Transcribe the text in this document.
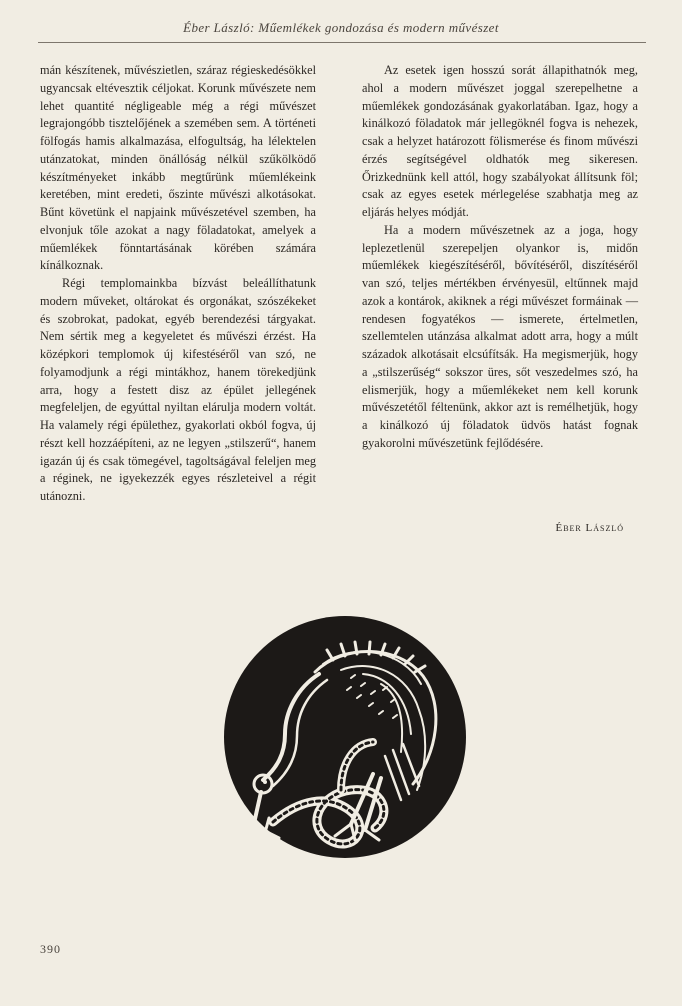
Éber László: Műemlékek gondozása és modern művészet

mán készítenek, művészietlen, száraz régieskedésökkel ugyancsak eltévesztik céljokat. Korunk művészete nem lehet quantité négligeable még a régi művészet legrajongóbb tisztelőjének a szemében sem. A történeti fölfogás hamis alkalmazása, elfogultság, ha lélektelen utánzatokat, minden önállóság nélkül szűkölködő készítményeket inkább megtűrünk műemlékeink keretében, mint eredeti, őszinte művészi alkotásokat. Bűnt követünk el napjaink művészetével szemben, ha elvonjuk tőle azokat a nagy föladatokat, amelyek a műemlékek fönntartásának körében számára kínálkoznak.

Régi templomainkba bízvást beleállíthatunk modern műveket, oltárokat és orgonákat, szószékeket és szobrokat, padokat, egyéb berendezési tárgyakat. Nem sértik meg a kegyeletet és művészi érzést. Ha középkori templomok új kifestéséről van szó, ne folyamodjunk a régi mintákhoz, hanem törekedjünk arra, hogy a festett disz az épület jellegének megfeleljen, de egyúttal nyiltan elárulja modern voltát. Ha valamely régi épülethez, gyakorlati okból fogva, új részt kell hozzáépíteni, az ne legyen „stilszerű“, hanem igazán új és csak tömegével, tagoltságával feleljen meg a réginek, ne igyekezzék egyes részleteivel a régit utánozni.

Az esetek igen hosszú sorát állapithatnók meg, ahol a modern művészet joggal szerepelhetne a műemlékek gondozásának gyakorlatában. Igaz, hogy a kinálkozó föladatok már jellegöknél fogva is nehezek, csak a helyzet határozott fölismerése és finom művészi érzés segítségével oldhatók meg sikeresen. Őrizkednünk kell attól, hogy szabályokat állítsunk föl; csak az egyes esetek mérlegelése szabhatja meg az eljárás helyes módját.

Ha a modern művészetnek az a joga, hogy leplezetlenül szerepeljen olyankor is, midőn műemlékek kiegészítéséről, bővítéséről, diszítéséről van szó, teljes mértékben érvényesül, eltűnnek majd azok a kontárok, akiknek a régi művészet formáinak — rendesen fogyatékos — ismerete, értelmetlen, szellemtelen utánzása alkalmat adott arra, hogy a múlt századok alkotásait elcsúfítsák. Ha megismerjük, hogy a „stilszerűség“ sokszor üres, sőt veszedelmes szó, ha elismerjük, hogy a műemlékeket nem kell korunk művészetétől féltenünk, akkor azt is remélhetjük, hogy a kinálkozó új föladatok üdvös hatást fognak gyakorolni művészetünk fejlődésére.

Éber László
390
